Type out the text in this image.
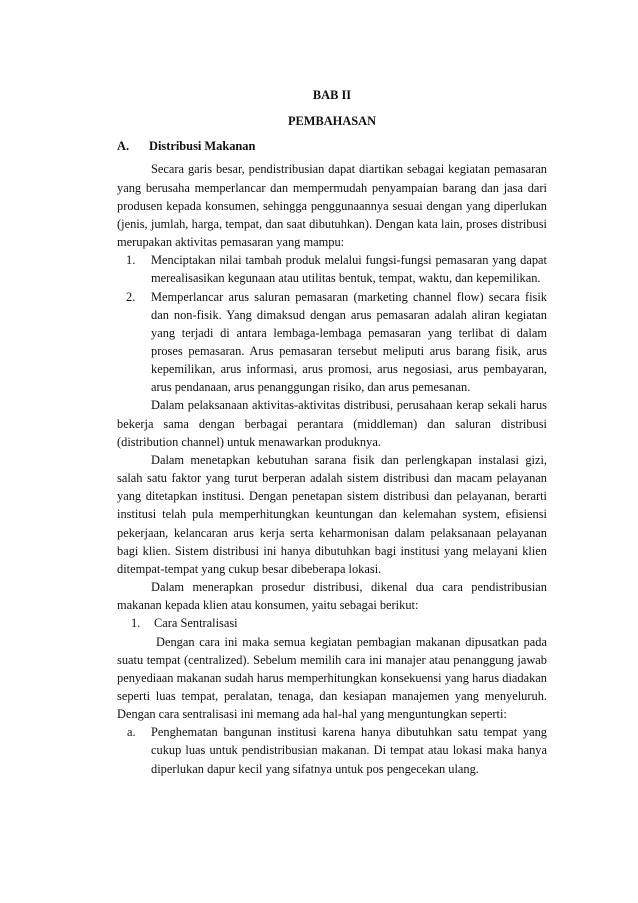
BAB II

PEMBAHASAN

A.	Distribusi Makanan

Secara garis besar, pendistribusian dapat diartikan sebagai kegiatan pemasaran yang berusaha memperlancar dan mempermudah penyampaian barang dan jasa dari produsen kepada konsumen, sehingga penggunaannya sesuai dengan yang diperlukan (jenis, jumlah, harga, tempat, dan saat dibutuhkan). Dengan kata lain, proses distribusi merupakan aktivitas pemasaran yang mampu:

1.	Menciptakan nilai tambah produk melalui fungsi-fungsi pemasaran yang dapat merealisasikan kegunaan atau utilitas bentuk, tempat, waktu, dan kepemilikan.
2.	Memperlancar arus saluran pemasaran (marketing channel flow) secara fisik dan non-fisik. Yang dimaksud dengan arus pemasaran adalah aliran kegiatan yang terjadi di antara lembaga-lembaga pemasaran yang terlibat di dalam proses pemasaran. Arus pemasaran tersebut meliputi arus barang fisik, arus kepemilikan, arus informasi, arus promosi, arus negosiasi, arus pembayaran, arus pendanaan, arus penanggungan risiko, dan arus pemesanan.

Dalam pelaksanaan aktivitas-aktivitas distribusi, perusahaan kerap sekali harus bekerja sama dengan berbagai perantara (middleman) dan saluran distribusi (distribution channel) untuk menawarkan produknya.

Dalam menetapkan kebutuhan sarana fisik dan perlengkapan instalasi gizi, salah satu faktor yang turut berperan adalah sistem distribusi dan macam pelayanan yang ditetapkan institusi. Dengan penetapan sistem distribusi dan pelayanan, berarti institusi telah pula memperhitungkan keuntungan dan kelemahan system, efisiensi pekerjaan, kelancaran arus kerja serta keharmonisan dalam pelaksanaan pelayanan bagi klien. Sistem distribusi ini hanya dibutuhkan bagi institusi yang melayani klien ditempat-tempat yang cukup besar dibeberapa lokasi.

Dalam menerapkan prosedur distribusi, dikenal dua cara pendistribusian makanan kepada klien atau konsumen, yaitu sebagai berikut:

1.	Cara Sentralisasi

Dengan cara ini maka semua kegiatan pembagian makanan dipusatkan pada suatu tempat (centralized). Sebelum memilih cara ini manajer atau penanggung jawab penyediaan makanan sudah harus memperhitungkan konsekuensi yang harus diadakan seperti luas tempat, peralatan, tenaga, dan kesiapan manajemen yang menyeluruh. Dengan cara sentralisasi ini memang ada hal-hal yang menguntungkan seperti:

a.	Penghematan bangunan institusi karena hanya dibutuhkan satu tempat yang cukup luas untuk pendistribusian makanan. Di tempat atau lokasi maka hanya diperlukan dapur kecil yang sifatnya untuk pos pengecekan ulang.
